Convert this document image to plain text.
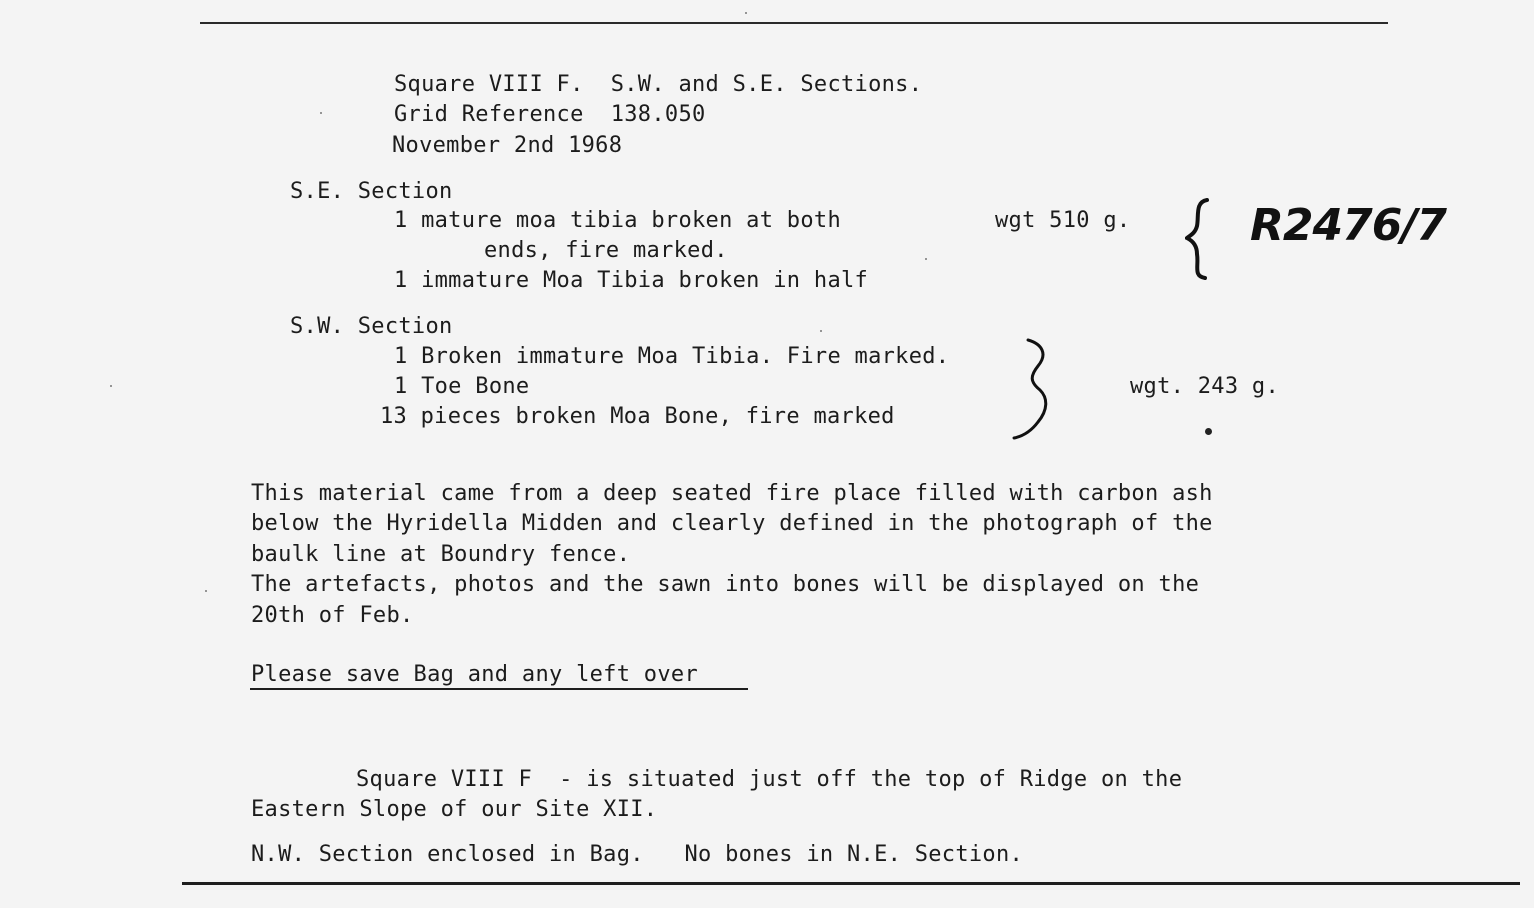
Square VIII F.  S.W. and S.E. Sections.
Grid Reference  138.050
November 2nd 1968
S.E. Section
1 mature moa tibia broken at both
ends, fire marked.
1 immature Moa Tibia broken in half
wgt 510 g.	R2476/7
S.W. Section
1 Broken immature Moa Tibia. Fire marked.
1 Toe Bone
13 pieces broken Moa Bone, fire marked
wgt. 243 g.
This material came from a deep seated fire place filled with carbon ash
below the Hyridella Midden and clearly defined in the photograph of the
baulk line at Boundry fence.
The artefacts, photos and the sawn into bones will be displayed on the
20th of Feb.
Please save Bag and any left over
Square VIII F  - is situated just off the top of Ridge on the
Eastern Slope of our Site XII.
N.W. Section enclosed in Bag.   No bones in N.E. Section.
